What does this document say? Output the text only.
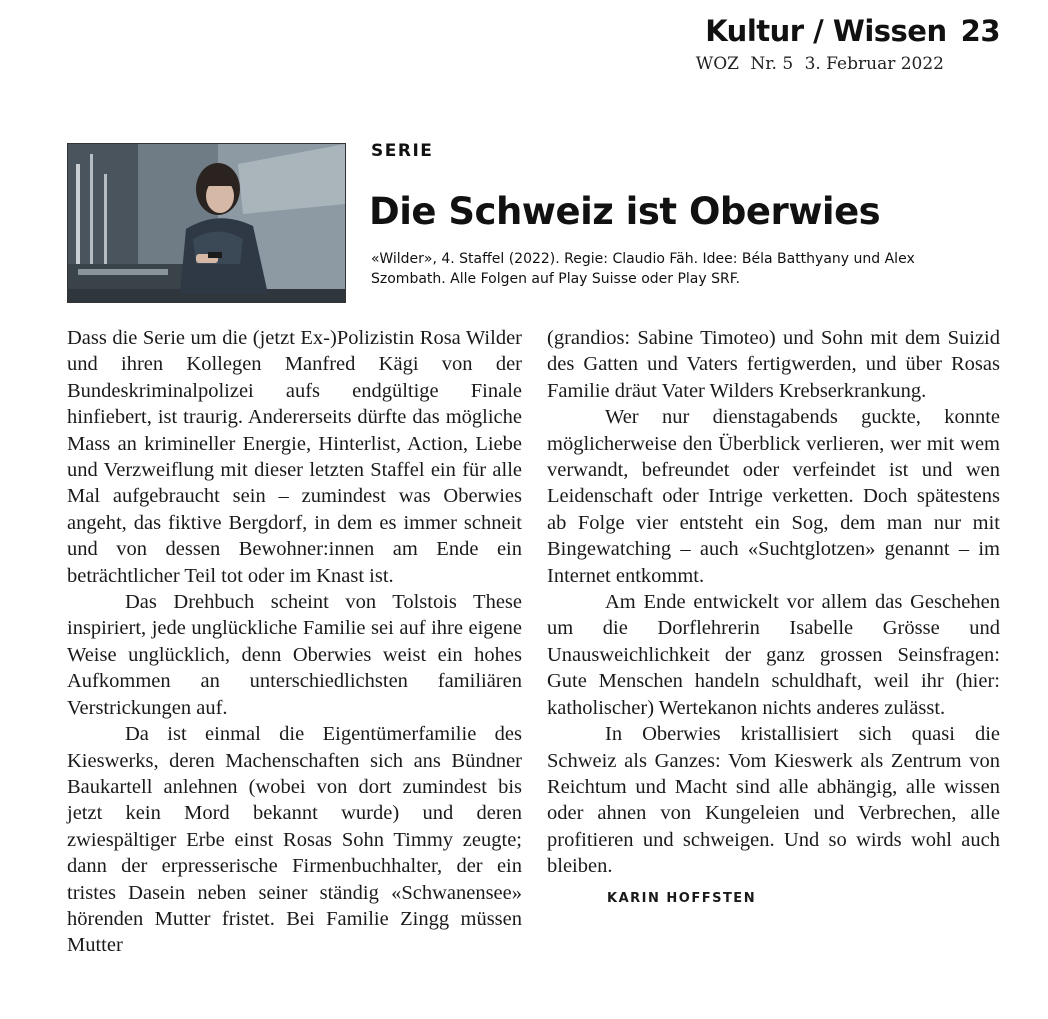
Kultur / Wissen 23
WOZ Nr. 5 3. Februar 2022
SERIE
Die Schweiz ist Oberwies
«Wilder», 4. Staffel (2022). Regie: Claudio Fäh. Idee: Béla Batthyany und Alex Szombath. Alle Folgen auf Play Suisse oder Play SRF.

Dass die Serie um die (jetzt Ex-)Polizistin Rosa Wilder und ihren Kollegen Manfred Kägi von der Bundeskriminalpolizei aufs endgültige Finale hinfiebert, ist traurig. Andererseits dürfte das mögliche Mass an krimineller Energie, Hinterlist, Action, Liebe und Verzweiflung mit dieser letzten Staffel ein für alle Mal aufgebraucht sein – zumindest was Oberwies angeht, das fiktive Bergdorf, in dem es immer schneit und von dessen Bewohner:innen am Ende ein beträchtlicher Teil tot oder im Knast ist.

Das Drehbuch scheint von Tolstois These inspiriert, jede unglückliche Familie sei auf ihre eigene Weise unglücklich, denn Oberwies weist ein hohes Aufkommen an unterschiedlichsten familiären Verstrickungen auf.

Da ist einmal die Eigentümerfamilie des Kieswerks, deren Machenschaften sich ans Bündner Baukartell anlehnen (wobei von dort zumindest bis jetzt kein Mord bekannt wurde) und deren zwiespältiger Erbe einst Rosas Sohn Timmy zeugte; dann der erpresserische Firmenbuchhalter, der ein tristes Dasein neben seiner ständig «Schwanensee» hörenden Mutter fristet. Bei Familie Zingg müssen Mutter

(grandios: Sabine Timoteo) und Sohn mit dem Suizid des Gatten und Vaters fertigwerden, und über Rosas Familie dräut Vater Wilders Krebserkrankung.

Wer nur dienstagabends guckte, konnte möglicherweise den Überblick verlieren, wer mit wem verwandt, befreundet oder verfeindet ist und wen Leidenschaft oder Intrige verketten. Doch spätestens ab Folge vier entsteht ein Sog, dem man nur mit Bingewatching – auch «Suchtglotzen» genannt – im Internet entkommt.

Am Ende entwickelt vor allem das Geschehen um die Dorflehrerin Isabelle Grösse und Unausweichlichkeit der ganz grossen Seinsfragen: Gute Menschen handeln schuldhaft, weil ihr (hier: katholischer) Wertekanon nichts anderes zulässt.

In Oberwies kristallisiert sich quasi die Schweiz als Ganzes: Vom Kieswerk als Zentrum von Reichtum und Macht sind alle abhängig, alle wissen oder ahnen von Kungeleien und Verbrechen, alle profitieren und schweigen. Und so wirds wohl auch bleiben.

KARIN HOFFSTEN
